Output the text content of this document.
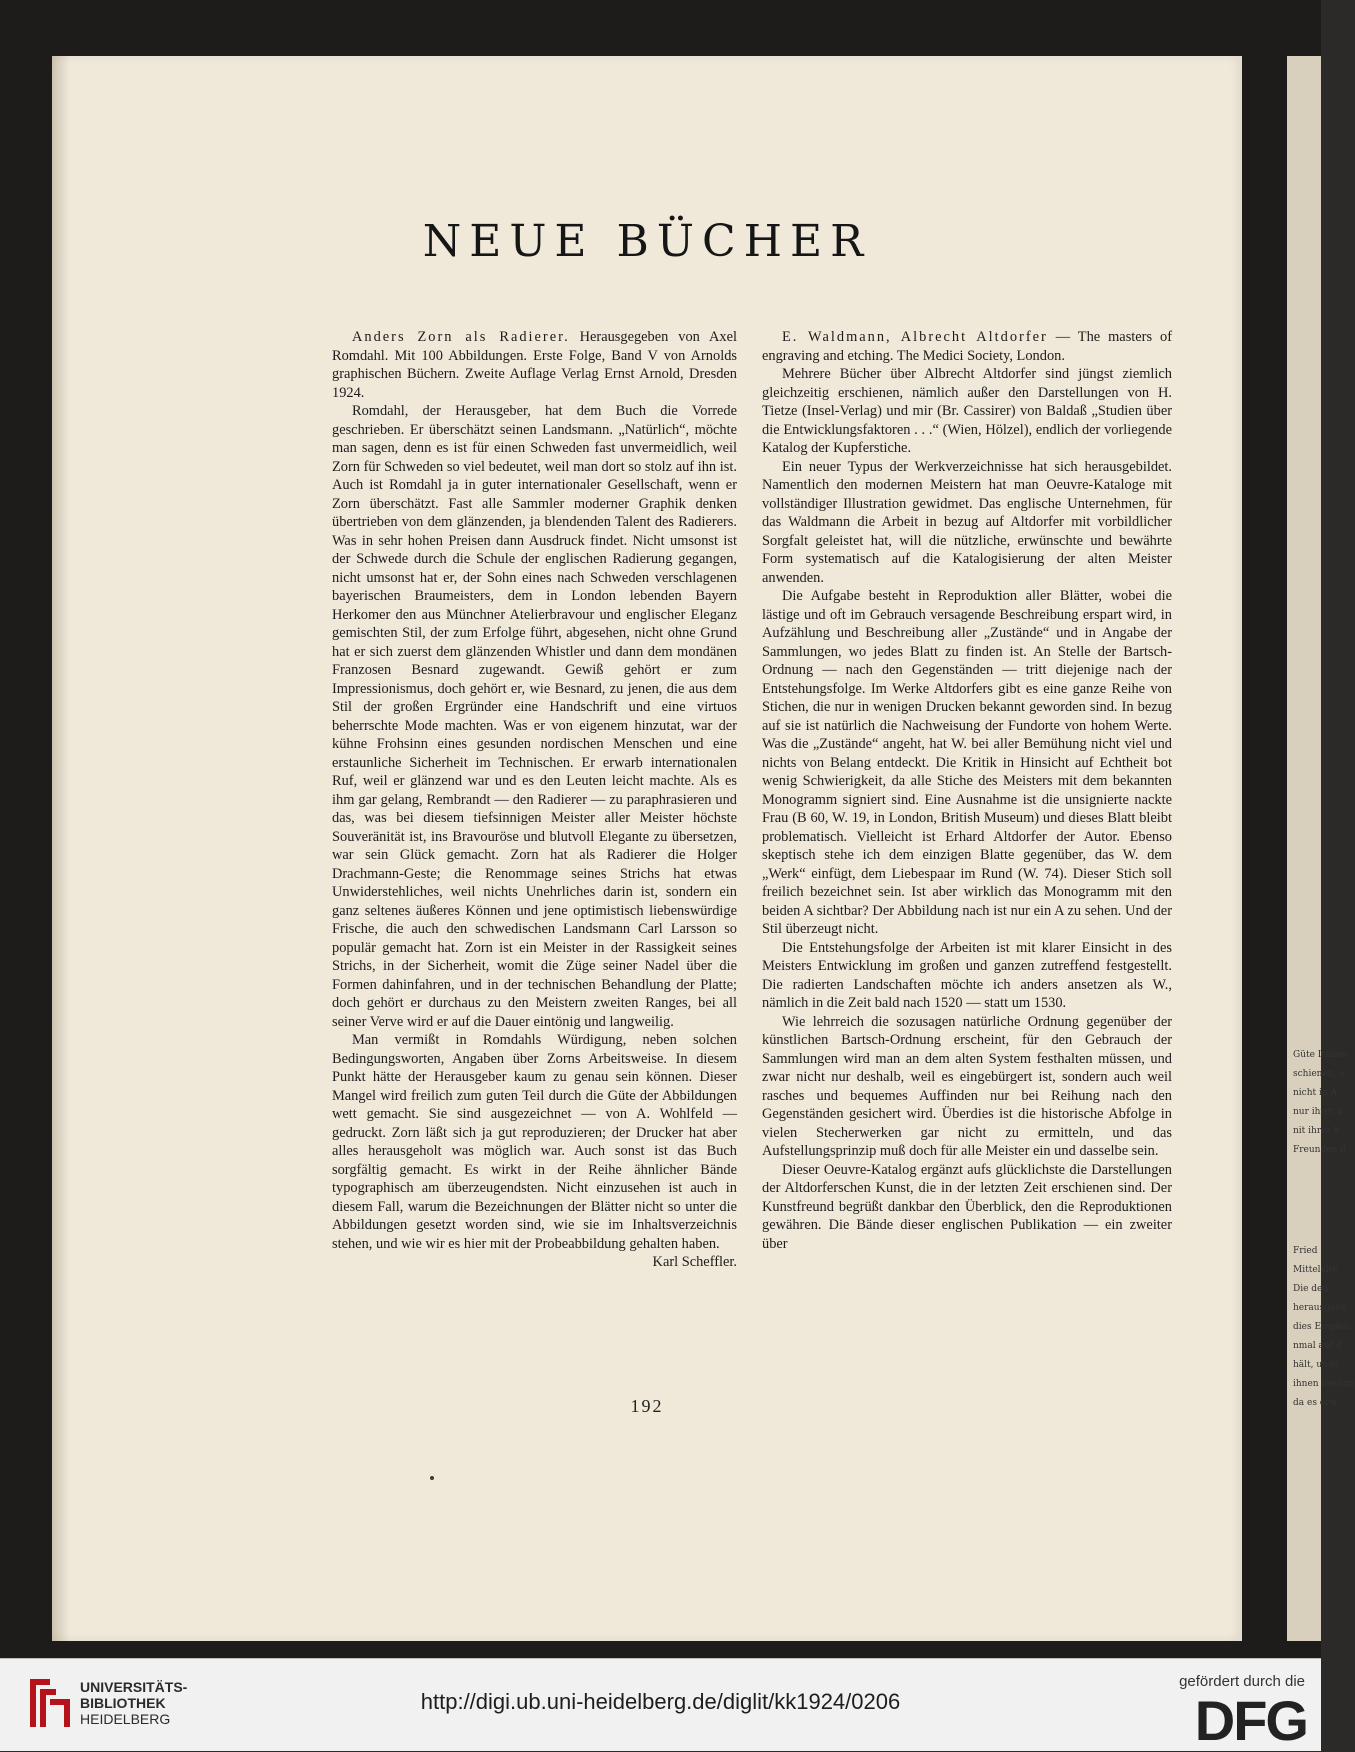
NEUE BÜCHER

Anders Zorn als Radierer. Herausgegeben von Axel Romdahl. Mit 100 Abbildungen. Erste Folge, Band V von Arnolds graphischen Büchern. Zweite Auflage Verlag Ernst Arnold, Dresden 1924.

Romdahl, der Herausgeber, hat dem Buch die Vorrede geschrieben. Er überschätzt seinen Landsmann. „Natürlich“, möchte man sagen, denn es ist für einen Schweden fast unvermeidlich, weil Zorn für Schweden so viel bedeutet, weil man dort so stolz auf ihn ist. Auch ist Romdahl ja in guter internationaler Gesellschaft, wenn er Zorn überschätzt. Fast alle Sammler moderner Graphik denken übertrieben von dem glänzenden, ja blendenden Talent des Radierers. Was in sehr hohen Preisen dann Ausdruck findet. Nicht umsonst ist der Schwede durch die Schule der englischen Radierung gegangen, nicht umsonst hat er, der Sohn eines nach Schweden verschlagenen bayerischen Braumeisters, dem in London lebenden Bayern Herkomer den aus Münchner Atelierbravour und englischer Eleganz gemischten Stil, der zum Erfolge führt, abgesehen, nicht ohne Grund hat er sich zuerst dem glänzenden Whistler und dann dem mondänen Franzosen Besnard zugewandt. Gewiß gehört er zum Impressionismus, doch gehört er, wie Besnard, zu jenen, die aus dem Stil der großen Ergründer eine Handschrift und eine virtuos beherrschte Mode machten. Was er von eigenem hinzutat, war der kühne Frohsinn eines gesunden nordischen Menschen und eine erstaunliche Sicherheit im Technischen. Er erwarb internationalen Ruf, weil er glänzend war und es den Leuten leicht machte. Als es ihm gar gelang, Rembrandt — den Radierer — zu paraphrasieren und das, was bei diesem tiefsinnigen Meister aller Meister höchste Souveränität ist, ins Bravouröse und blutvoll Elegante zu übersetzen, war sein Glück gemacht. Zorn hat als Radierer die Holger Drachmann-Geste; die Renommage seines Strichs hat etwas Unwiderstehliches, weil nichts Unehrliches darin ist, sondern ein ganz seltenes äußeres Können und jene optimistisch liebenswürdige Frische, die auch den schwedischen Landsmann Carl Larsson so populär gemacht hat. Zorn ist ein Meister in der Rassigkeit seines Strichs, in der Sicherheit, womit die Züge seiner Nadel über die Formen dahinfahren, und in der technischen Behandlung der Platte; doch gehört er durchaus zu den Meistern zweiten Ranges, bei all seiner Verve wird er auf die Dauer eintönig und langweilig.

Man vermißt in Romdahls Würdigung, neben solchen Bedingungsworten, Angaben über Zorns Arbeitsweise. In diesem Punkt hätte der Herausgeber kaum zu genau sein können. Dieser Mangel wird freilich zum guten Teil durch die Güte der Abbildungen wett gemacht. Sie sind ausgezeichnet — von A. Wohlfeld — gedruckt. Zorn läßt sich ja gut reproduzieren; der Drucker hat aber alles herausgeholt was möglich war. Auch sonst ist das Buch sorgfältig gemacht. Es wirkt in der Reihe ähnlicher Bände typographisch am überzeugendsten. Nicht einzusehen ist auch in diesem Fall, warum die Bezeichnungen der Blätter nicht so unter die Abbildungen gesetzt worden sind, wie sie im Inhaltsverzeichnis stehen, und wie wir es hier mit der Probeabbildung gehalten haben.
Karl Scheffler.

E. Waldmann, Albrecht Altdorfer — The masters of engraving and etching. The Medici Society, London.

Mehrere Bücher über Albrecht Altdorfer sind jüngst ziemlich gleichzeitig erschienen, nämlich außer den Darstellungen von H. Tietze (Insel-Verlag) und mir (Br. Cassirer) von Baldaß „Studien über die Entwicklungsfaktoren . . .“ (Wien, Hölzel), endlich der vorliegende Katalog der Kupferstiche.

Ein neuer Typus der Werkverzeichnisse hat sich herausgebildet. Namentlich den modernen Meistern hat man Oeuvre-Kataloge mit vollständiger Illustration gewidmet. Das englische Unternehmen, für das Waldmann die Arbeit in bezug auf Altdorfer mit vorbildlicher Sorgfalt geleistet hat, will die nützliche, erwünschte und bewährte Form systematisch auf die Katalogisierung der alten Meister anwenden.

Die Aufgabe besteht in Reproduktion aller Blätter, wobei die lästige und oft im Gebrauch versagende Beschreibung erspart wird, in Aufzählung und Beschreibung aller „Zustände“ und in Angabe der Sammlungen, wo jedes Blatt zu finden ist. An Stelle der Bartsch-Ordnung — nach den Gegenständen — tritt diejenige nach der Entstehungsfolge. Im Werke Altdorfers gibt es eine ganze Reihe von Stichen, die nur in wenigen Drucken bekannt geworden sind. In bezug auf sie ist natürlich die Nachweisung der Fundorte von hohem Werte. Was die „Zustände“ angeht, hat W. bei aller Bemühung nicht viel und nichts von Belang entdeckt. Die Kritik in Hinsicht auf Echtheit bot wenig Schwierigkeit, da alle Stiche des Meisters mit dem bekannten Monogramm signiert sind. Eine Ausnahme ist die unsignierte nackte Frau (B 60, W. 19, in London, British Museum) und dieses Blatt bleibt problematisch. Vielleicht ist Erhard Altdorfer der Autor. Ebenso skeptisch stehe ich dem einzigen Blatte gegenüber, das W. dem „Werk“ einfügt, dem Liebespaar im Rund (W. 74). Dieser Stich soll freilich bezeichnet sein. Ist aber wirklich das Monogramm mit den beiden A sichtbar? Der Abbildung nach ist nur ein A zu sehen. Und der Stil überzeugt nicht.

Die Entstehungsfolge der Arbeiten ist mit klarer Einsicht in des Meisters Entwicklung im großen und ganzen zutreffend festgestellt. Die radierten Landschaften möchte ich anders ansetzen als W., nämlich in die Zeit bald nach 1520 — statt um 1530.

Wie lehrreich die sozusagen natürliche Ordnung gegenüber der künstlichen Bartsch-Ordnung erscheint, für den Gebrauch der Sammlungen wird man an dem alten System festhalten müssen, und zwar nicht nur deshalb, weil es eingebürgert ist, sondern auch weil rasches und bequemes Auffinden nur bei Reihung nach den Gegenständen gesichert wird. Überdies ist die historische Abfolge in vielen Stecherwerken gar nicht zu ermitteln, und das Aufstellungsprinzip muß doch für alle Meister ein und dasselbe sein.

Dieser Oeuvre-Katalog ergänzt aufs glücklichste die Darstellungen der Altdorferschen Kunst, die in der letzten Zeit erschienen sind. Der Kunstfreund begrüßt dankbar den Überblick, den die Reproduktionen gewähren. Die Bände dieser englischen Publikation — ein zweiter über

192
Güte Italien
schienen, e
nicht in A
nur ihrer k
nit ihrer k
Freunden d
Fried
Mittelalte
Die deu
herausgabe
dies Empfeh
nmal auf d
hält, unwi
ihnen bekann
da es erw
UNIVERSITÄTS-
BIBLIOTHEK
HEIDELBERG
http://digi.ub.uni-heidelberg.de/diglit/kk1924/0206
gefördert durch die
DFG
